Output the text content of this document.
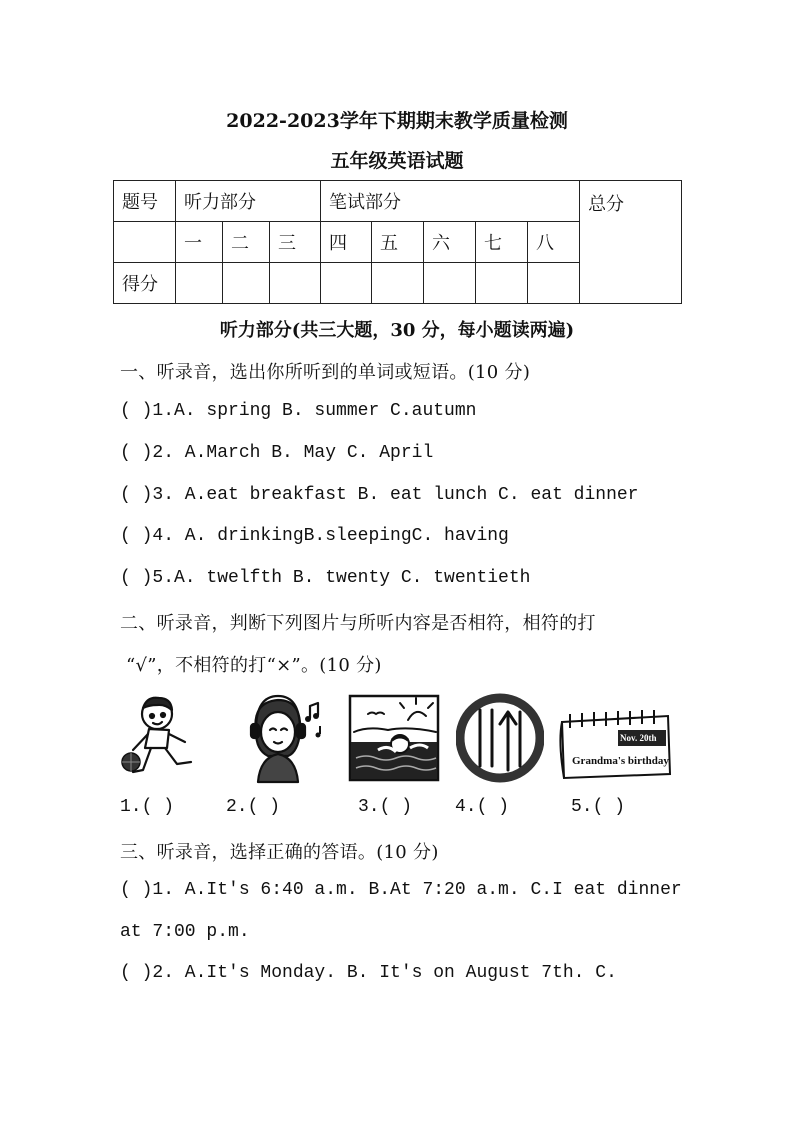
2022-2023学年下期期末教学质量检测
五年级英语试题
题号	听力部分			笔试部分					总分
	一	二	三	四	五	六	七	八	
得分									
听力部分(共三大题，30 分，每小题读两遍)
一、听录音，选出你所听到的单词或短语。(10 分)
( )1.A. spring B. summer C.autumn
( )2. A.March B. May C. April
( )3. A.eat breakfast B. eat lunch C. eat dinner
( )4. A. drinkingB.sleepingC. having
( )5.A. twelfth B. twenty C. twentieth
二、听录音，判断下列图片与所听内容是否相符，相符的打
“√”，不相符的打“×”。(10 分)
Nov. 20th
Grandma's birthday
1.( )	2.( )	3.( ) 4.( )	5.( )
三、听录音，选择正确的答语。(10 分)
( )1. A.It's 6:40 a.m. B.At 7:20 a.m. C.I eat dinner
at 7:00 p.m.
( )2. A.It's Monday. B. It's on August 7th. C.
